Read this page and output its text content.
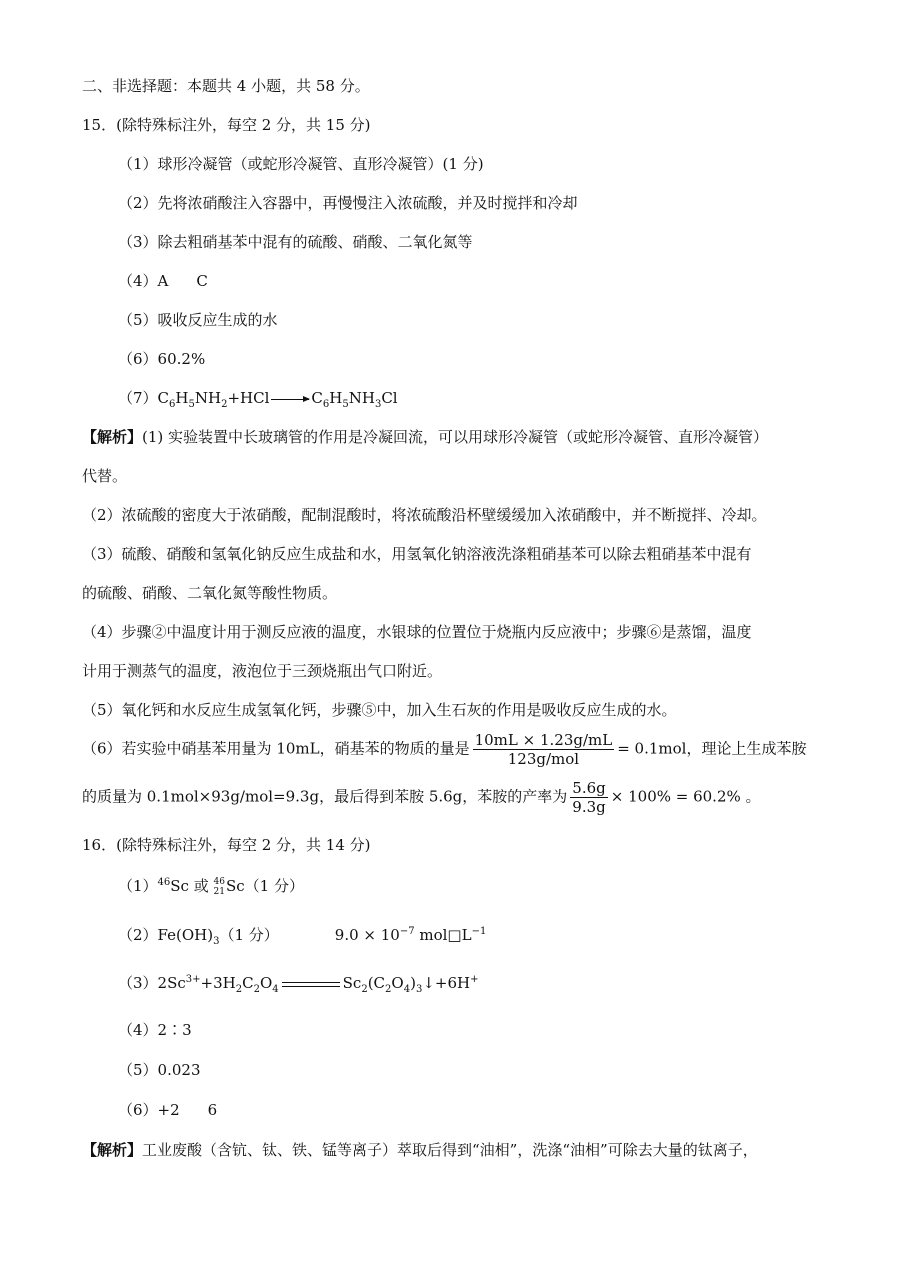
二、非选择题：本题共 4 小题，共 58 分。
15．(除特殊标注外，每空 2 分，共 15 分)
（1）球形冷凝管（或蛇形冷凝管、直形冷凝管）(1 分)
（2）先将浓硝酸注入容器中，再慢慢注入浓硫酸，并及时搅拌和冷却
（3）除去粗硝基苯中混有的硫酸、硝酸、二氧化氮等
（4）A C
（5）吸收反应生成的水
（6）60.2%
$(7)C_6H_5NH_2+HCl \to C_6H_5NH_3Cl$
【解析】(1) 实验装置中长玻璃管的作用是冷凝回流，可以用球形冷凝管（或蛇形冷凝管、直形冷凝管）
代替。
（2）浓硫酸的密度大于浓硝酸，配制混酸时，将浓硫酸沿杯壁缓缓加入浓硝酸中，并不断搅拌、冷却。
（3）硫酸、硝酸和氢氧化钠反应生成盐和水，用氢氧化钠溶液洗涤粗硝基苯可以除去粗硝基苯中混有
的硫酸、硝酸、二氧化氮等酸性物质。
（4）步骤②中温度计用于测反应液的温度，水银球的位置位于烧瓶内反应液中；步骤⑥是蒸馏，温度
计用于测蒸气的温度，液泡位于三颈烧瓶出气口附近。
（5）氧化钙和水反应生成氢氧化钙，步骤⑤中，加入生石灰的作用是吸收反应生成的水。
（6）若实验中硝基苯用量为 10mL，硝基苯的物质的量是 $\frac{10mL \times 1.23g/mL}{\text{123g/mol}} = 0.1mol$，理论上生成苯胺
的质量为 0.1mol×93g/mol=9.3g，最后得到苯胺 5.6g，苯胺的产率为 $\frac{5.6g}{9.3g} \times 100\% = 60.2\%$ 。
16．(除特殊标注外，每空 2 分，共 14 分)
$(1)^{46}Sc$ 或 46
21 Sc（1 分）
$(2)Fe(OH)_3(1$ 分）	$9.0 \times 10^{-7}$ $mol□L^{-1}$
$(3)2Sc^{3+}+3H_2C_2O_4$	$Sc_2(C_2O_4)_3↓+6H^+$
（4）2∶3
（5）0.023
（6）+2 6
【解析】工业废酸（含钪、钛、铁、锰等离子）萃取后得到“油相”，洗涤“油相”可除去大量的钛离子，
